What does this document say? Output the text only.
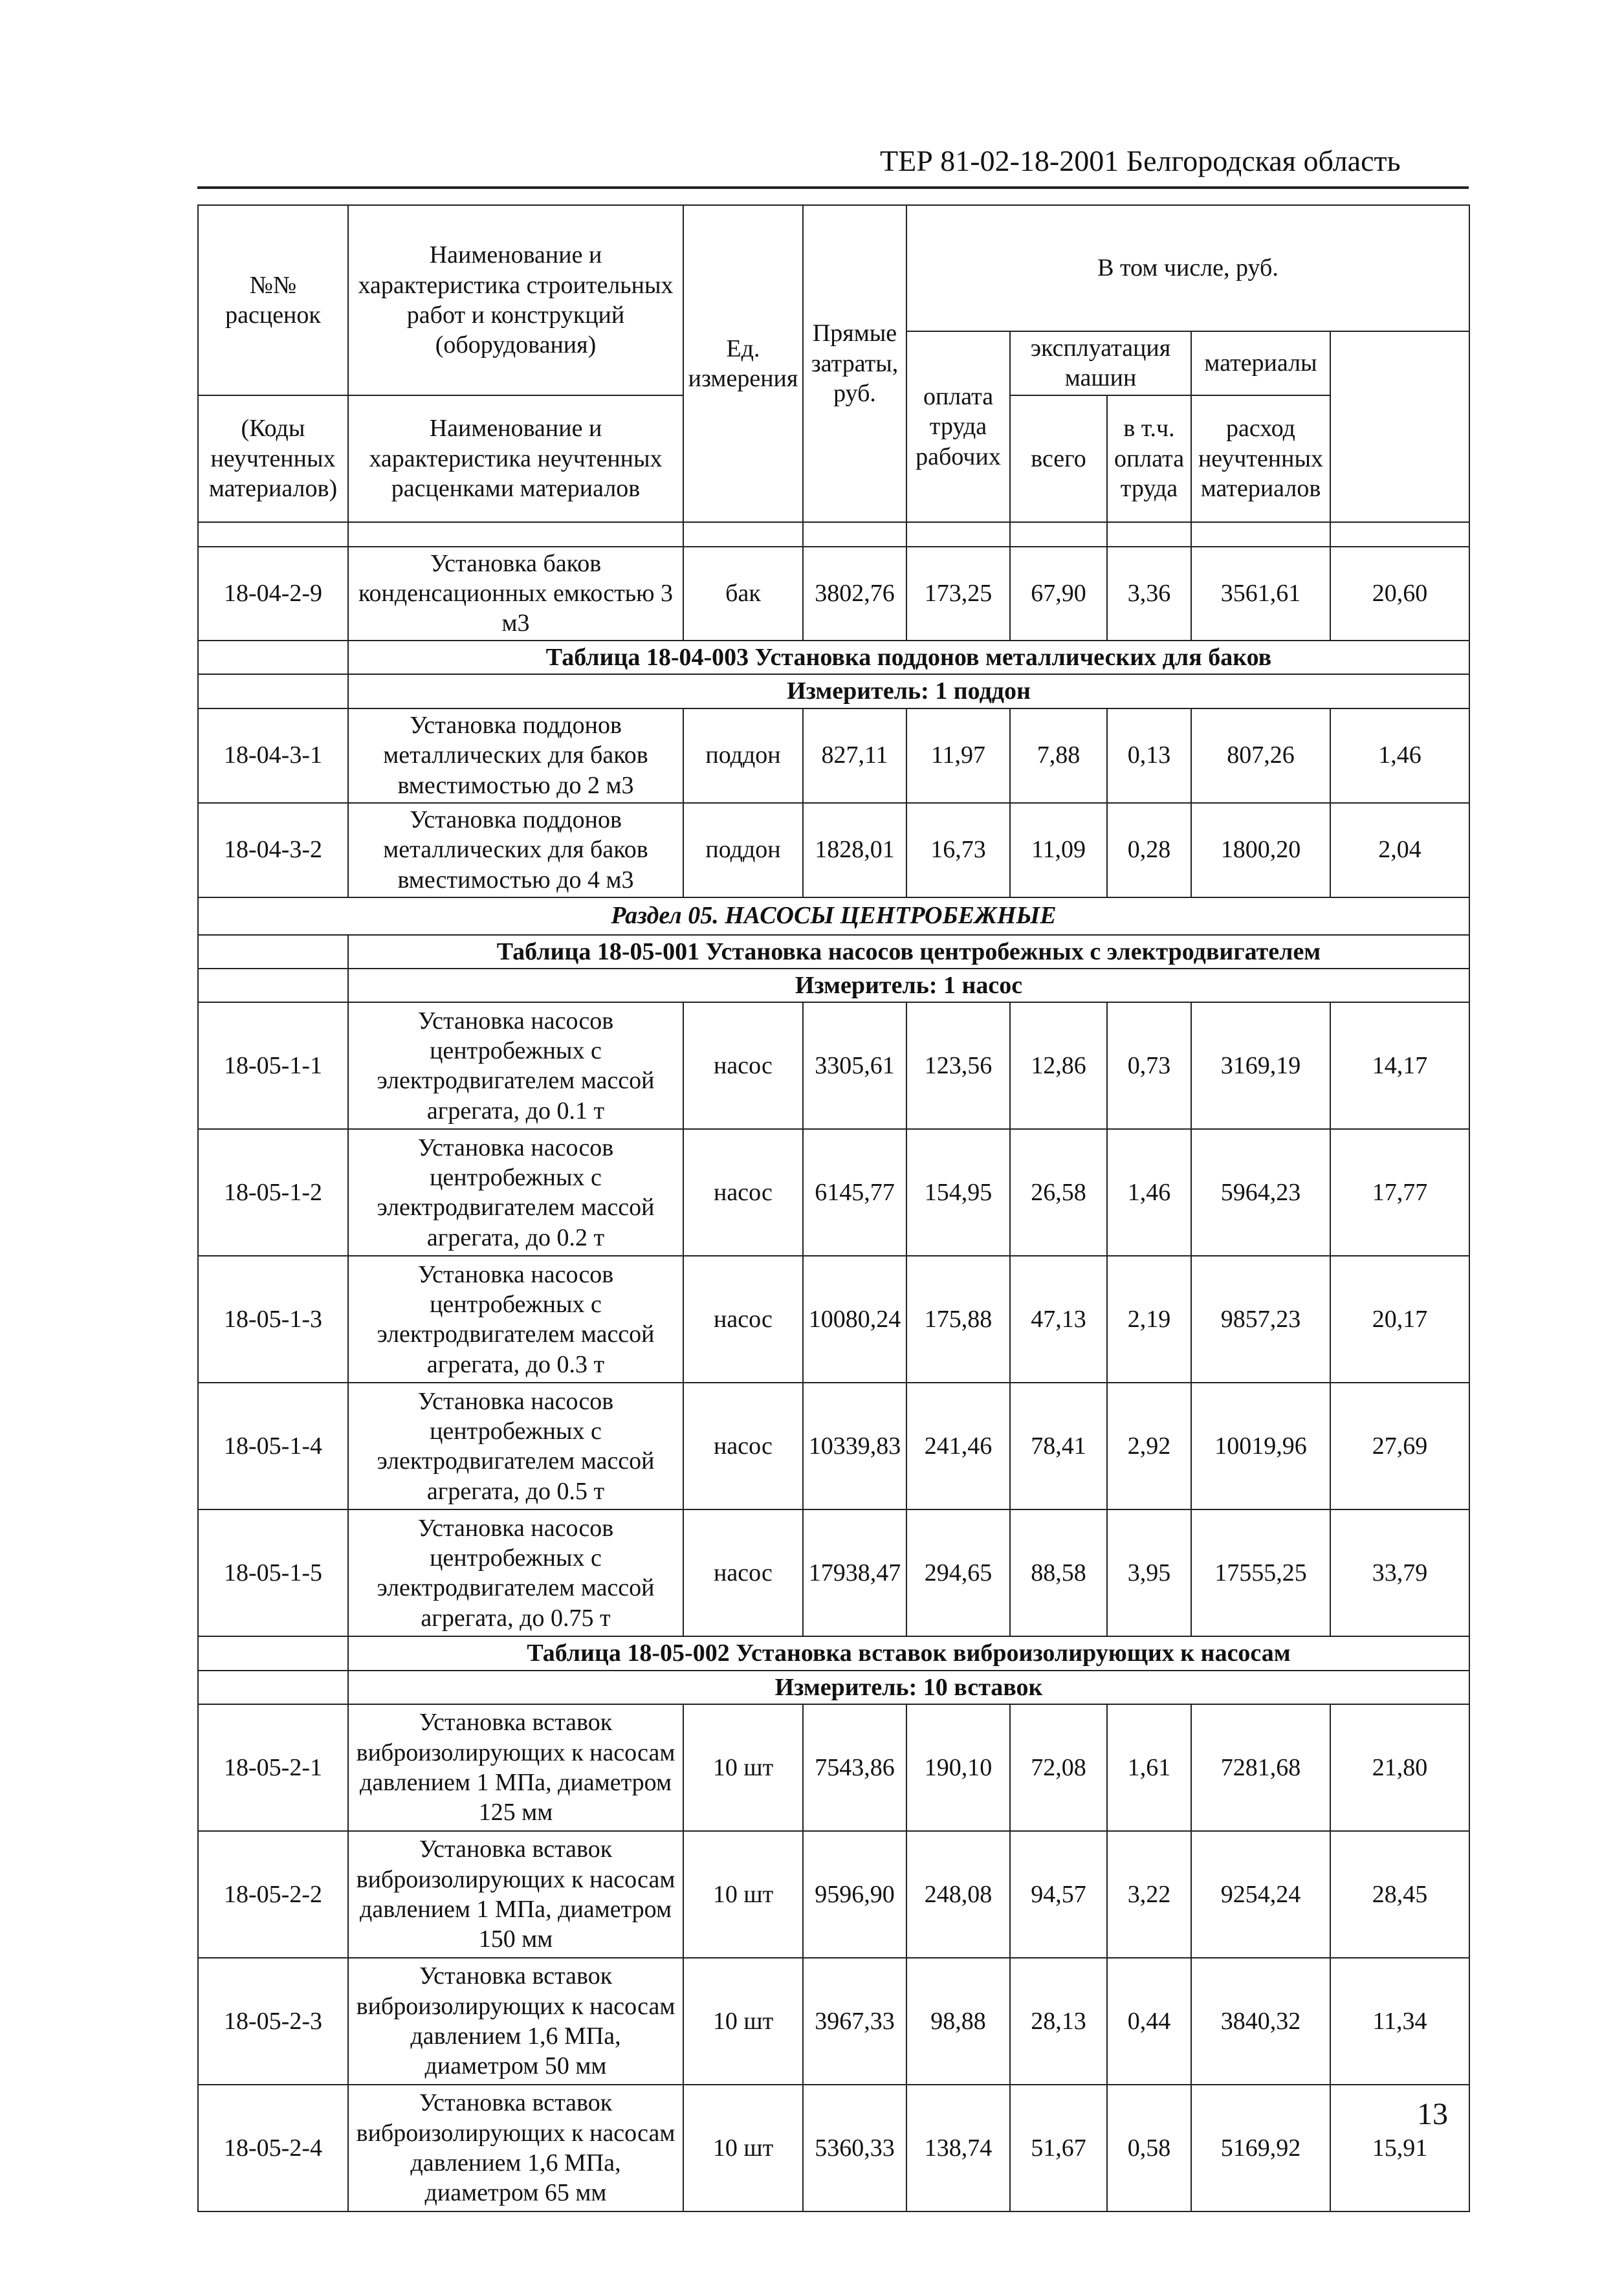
ТЕР 81-02-18-2001 Белгородская область
№№ расценок	Наименование и характеристика строительных работ и конструкций (оборудования)	Ед. измерения	Прямые затраты, руб.	В том числе, руб.	
				оплата труда рабочих	эксплуатация машин		материалы		
(Коды неучтенных материалов)	Наименование и характеристика неучтенных расценками материалов				всего	в т.ч. оплата труда	расход неучтенных материалов		

18-04-2-9	Установка баков конденсационных емкостью 3 м3	бак	3802,76	173,25	67,90	3,36	3561,61	20,60	
	Таблица 18-04-003 Установка поддонов металлических для баков								
	Измеритель: 1 поддон								
18-04-3-1	Установка поддонов металлических для баков вместимостью до 2 м3	поддон	827,11	11,97	7,88	0,13	807,26	1,46	
18-04-3-2	Установка поддонов металлических для баков вместимостью до 4 м3	поддон	1828,01	16,73	11,09	0,28	1800,20	2,04	
Раздел 05. НАСОСЫ ЦЕНТРОБЕЖНЫЕ									
	Таблица 18-05-001 Установка насосов центробежных с электродвигателем								
	Измеритель: 1 насос								
18-05-1-1	Установка насосов центробежных с электродвигателем массой агрегата, до 0.1 т	насос	3305,61	123,56	12,86	0,73	3169,19	14,17	
18-05-1-2	Установка насосов центробежных с электродвигателем массой агрегата, до 0.2 т	насос	6145,77	154,95	26,58	1,46	5964,23	17,77	
18-05-1-3	Установка насосов центробежных с электродвигателем массой агрегата, до 0.3 т	насос	10080,24	175,88	47,13	2,19	9857,23	20,17	
18-05-1-4	Установка насосов центробежных с электродвигателем массой агрегата, до 0.5 т	насос	10339,83	241,46	78,41	2,92	10019,96	27,69	
18-05-1-5	Установка насосов центробежных с электродвигателем массой агрегата, до 0.75 т	насос	17938,47	294,65	88,58	3,95	17555,25	33,79	
	Таблица 18-05-002 Установка вставок виброизолирующих к насосам								
	Измеритель: 10 вставок								
18-05-2-1	Установка вставок виброизолирующих к насосам давлением 1 МПа, диаметром 125 мм	10 шт	7543,86	190,10	72,08	1,61	7281,68	21,80	
18-05-2-2	Установка вставок виброизолирующих к насосам давлением 1 МПа, диаметром 150 мм	10 шт	9596,90	248,08	94,57	3,22	9254,24	28,45	
18-05-2-3	Установка вставок виброизолирующих к насосам давлением 1,6 МПа, диаметром 50 мм	10 шт	3967,33	98,88	28,13	0,44	3840,32	11,34	
18-05-2-4	Установка вставок виброизолирующих к насосам давлением 1,6 МПа, диаметром 65 мм	10 шт	5360,33	138,74	51,67	0,58	5169,92	15,91	
13
